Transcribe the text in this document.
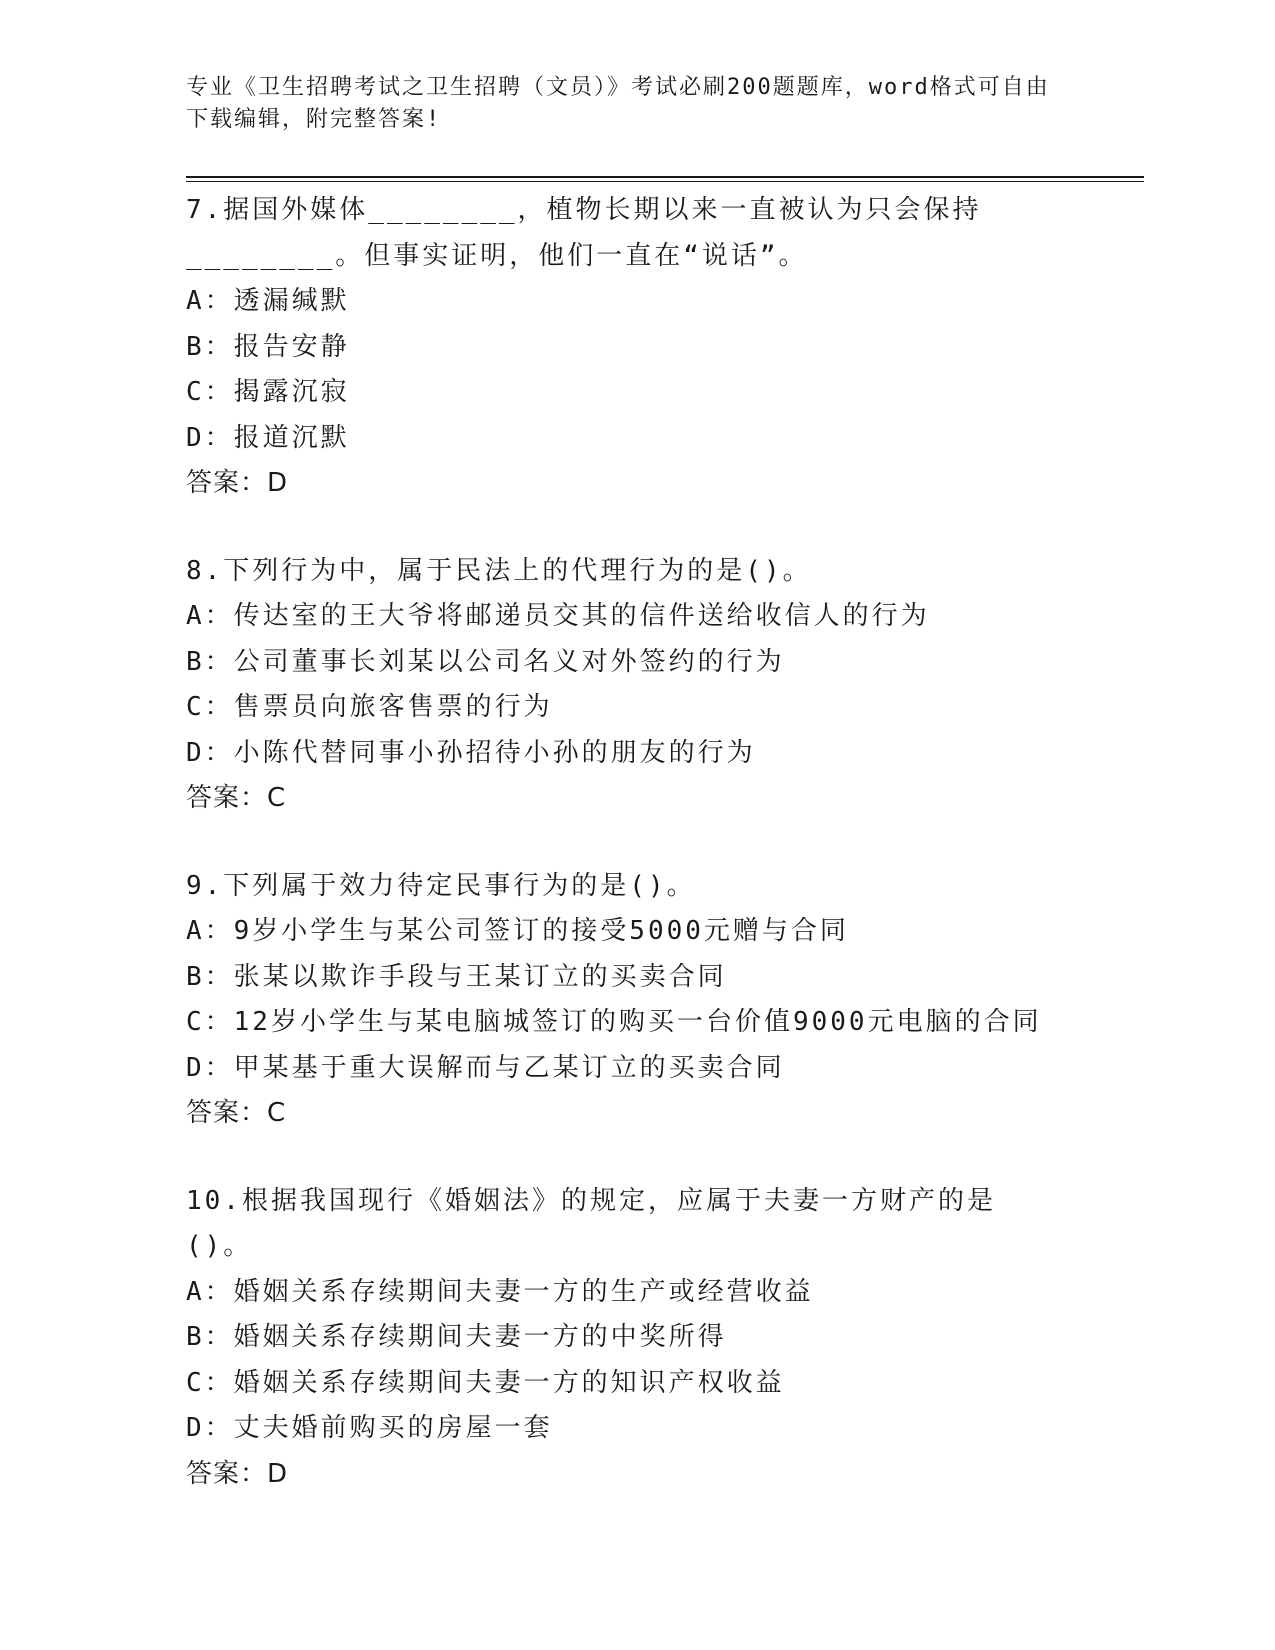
专业《卫生招聘考试之卫生招聘（文员）》考试必刷200题题库，word格式可自由下载编辑，附完整答案!
7.据国外媒体________，植物长期以来一直被认为只会保持________。但事实证明，他们一直在“说话”。
A：透漏缄默
B：报告安静
C：揭露沉寂
D：报道沉默
答案：D
8.下列行为中，属于民法上的代理行为的是()。
A：传达室的王大爷将邮递员交其的信件送给收信人的行为
B：公司董事长刘某以公司名义对外签约的行为
C：售票员向旅客售票的行为
D：小陈代替同事小孙招待小孙的朋友的行为
答案：C
9.下列属于效力待定民事行为的是()。
A：9岁小学生与某公司签订的接受5000元赠与合同
B：张某以欺诈手段与王某订立的买卖合同
C：12岁小学生与某电脑城签订的购买一台价值9000元电脑的合同
D：甲某基于重大误解而与乙某订立的买卖合同
答案：C
10.根据我国现行《婚姻法》的规定，应属于夫妻一方财产的是()。
A：婚姻关系存续期间夫妻一方的生产或经营收益
B：婚姻关系存续期间夫妻一方的中奖所得
C：婚姻关系存续期间夫妻一方的知识产权收益
D：丈夫婚前购买的房屋一套
答案：D
